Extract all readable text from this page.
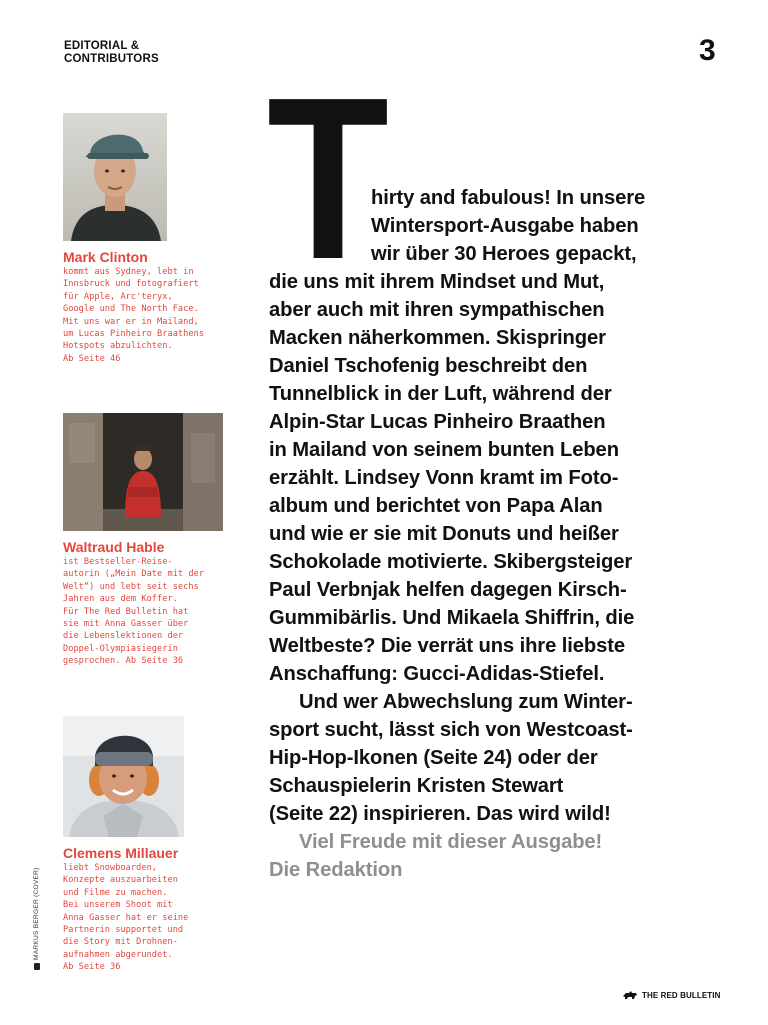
EDITORIAL &
CONTRIBUTORS	3
Mark Clinton
kommt aus Sydney, lebt in
Innsbruck und fotografiert
für Apple, Arc'teryx,
Google und The North Face.
Mit uns war er in Mailand,
um Lucas Pinheiro Braathens
Hotspots abzulichten.
Ab Seite 46
Waltraud Hable
ist Bestseller-Reise-
autorin („Mein Date mit der
Welt“) und lebt seit sechs
Jahren aus dem Koffer.
Für The Red Bulletin hat
sie mit Anna Gasser über
die Lebenslektionen der
Doppel-Olympiasiegerin
gesprochen. Ab Seite 36
Clemens Millauer
liebt Snowboarden,
Konzepte auszuarbeiten
und Filme zu machen.
Bei unserem Shoot mit
Anna Gasser hat er seine
Partnerin supportet und
die Story mit Drohnen-
aufnahmen abgerundet.
Ab Seite 36
MARKUS BERGER (COVER)
T
hirty and fabulous! In unsere
Wintersport-Ausgabe haben
wir über 30 Heroes gepackt,
die uns mit ihrem Mindset und Mut,
aber auch mit ihren sympathischen
Macken näherkommen. Skispringer
Daniel Tschofenig beschreibt den
Tunnelblick in der Luft, während der
Alpin-Star Lucas Pinheiro Braathen
in Mailand von seinem bunten Leben
erzählt. Lindsey Vonn kramt im Foto-
album und berichtet von Papa Alan
und wie er sie mit Donuts und heißer
Schokolade motivierte. Skibergsteiger
Paul Verbnjak helfen dagegen Kirsch-
Gummibärlis. Und Mikaela Shiffrin, die
Weltbeste? Die verrät uns ihre liebste
Anschaffung: Gucci-Adidas-Stiefel.
Und wer Abwechslung zum Winter-
sport sucht, lässt sich von Westcoast-
Hip-Hop-Ikonen (Seite 24) oder der
Schauspielerin Kristen Stewart
(Seite 22) inspirieren. Das wird wild!
Viel Freude mit dieser Ausgabe!
Die Redaktion
THE RED BULLETIN
